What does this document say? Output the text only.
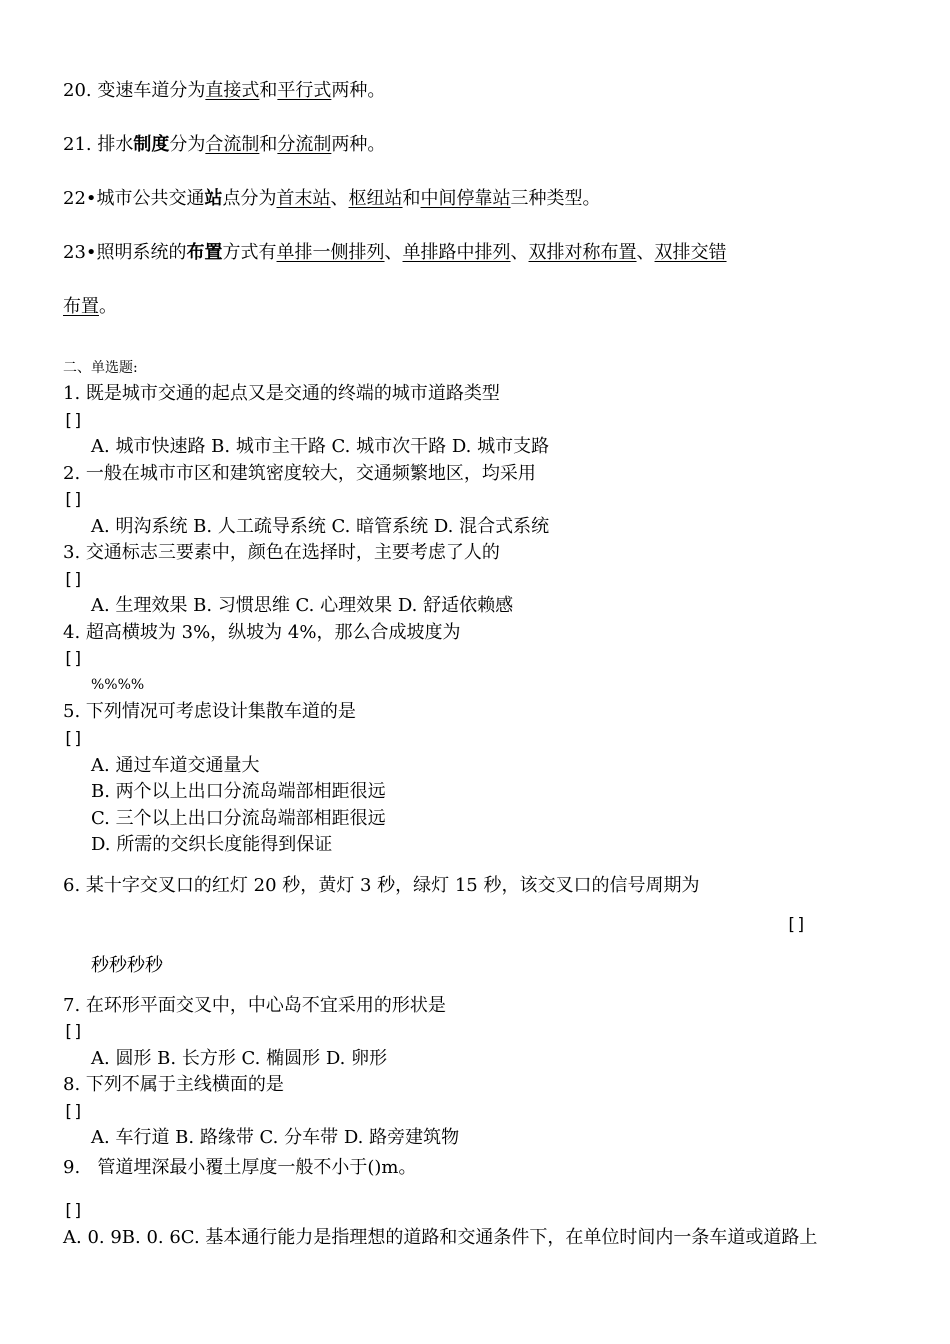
20. 变速车道分为直接式和平行式两种。
21. 排水制度分为合流制和分流制两种。
22•城市公共交通站点分为首末站、枢纽站和中间停靠站三种类型。
23•照明系统的布置方式有单排一侧排列、单排路中排列、双排对称布置、双排交错
布置。
二、单选题:
1. 既是城市交通的起点又是交通的终端的城市道路类型
[]
A. 城市快速路 B. 城市主干路 C. 城市次干路 D. 城市支路
2. 一般在城市市区和建筑密度较大，交通频繁地区，均采用
[]
A. 明沟系统 B. 人工疏导系统 C. 暗管系统 D. 混合式系统
3. 交通标志三要素中，颜色在选择时，主要考虑了人的
[]
A. 生理效果 B. 习惯思维 C. 心理效果 D. 舒适依赖感
4. 超高横坡为 3%，纵坡为 4%，那么合成坡度为
[]
%%%%
5. 下列情况可考虑设计集散车道的是
[]
A. 通过车道交通量大
B. 两个以上出口分流岛端部相距很远
C. 三个以上出口分流岛端部相距很远
D. 所需的交织长度能得到保证
6. 某十字交叉口的红灯 20 秒，黄灯 3 秒，绿灯 15 秒，该交叉口的信号周期为
[]
秒秒秒秒
7. 在环形平面交叉中，中心岛不宜采用的形状是
[]
A. 圆形 B. 长方形 C. 椭圆形 D. 卵形
8. 下列不属于主线横面的是
[]
A. 车行道 B. 路缘带 C. 分车带 D. 路旁建筑物
9.   管道埋深最小覆土厚度一般不小于()m。
[]
A. 0. 9B. 0. 6C. 基本通行能力是指理想的道路和交通条件下，在单位时间内一条车道或道路上
